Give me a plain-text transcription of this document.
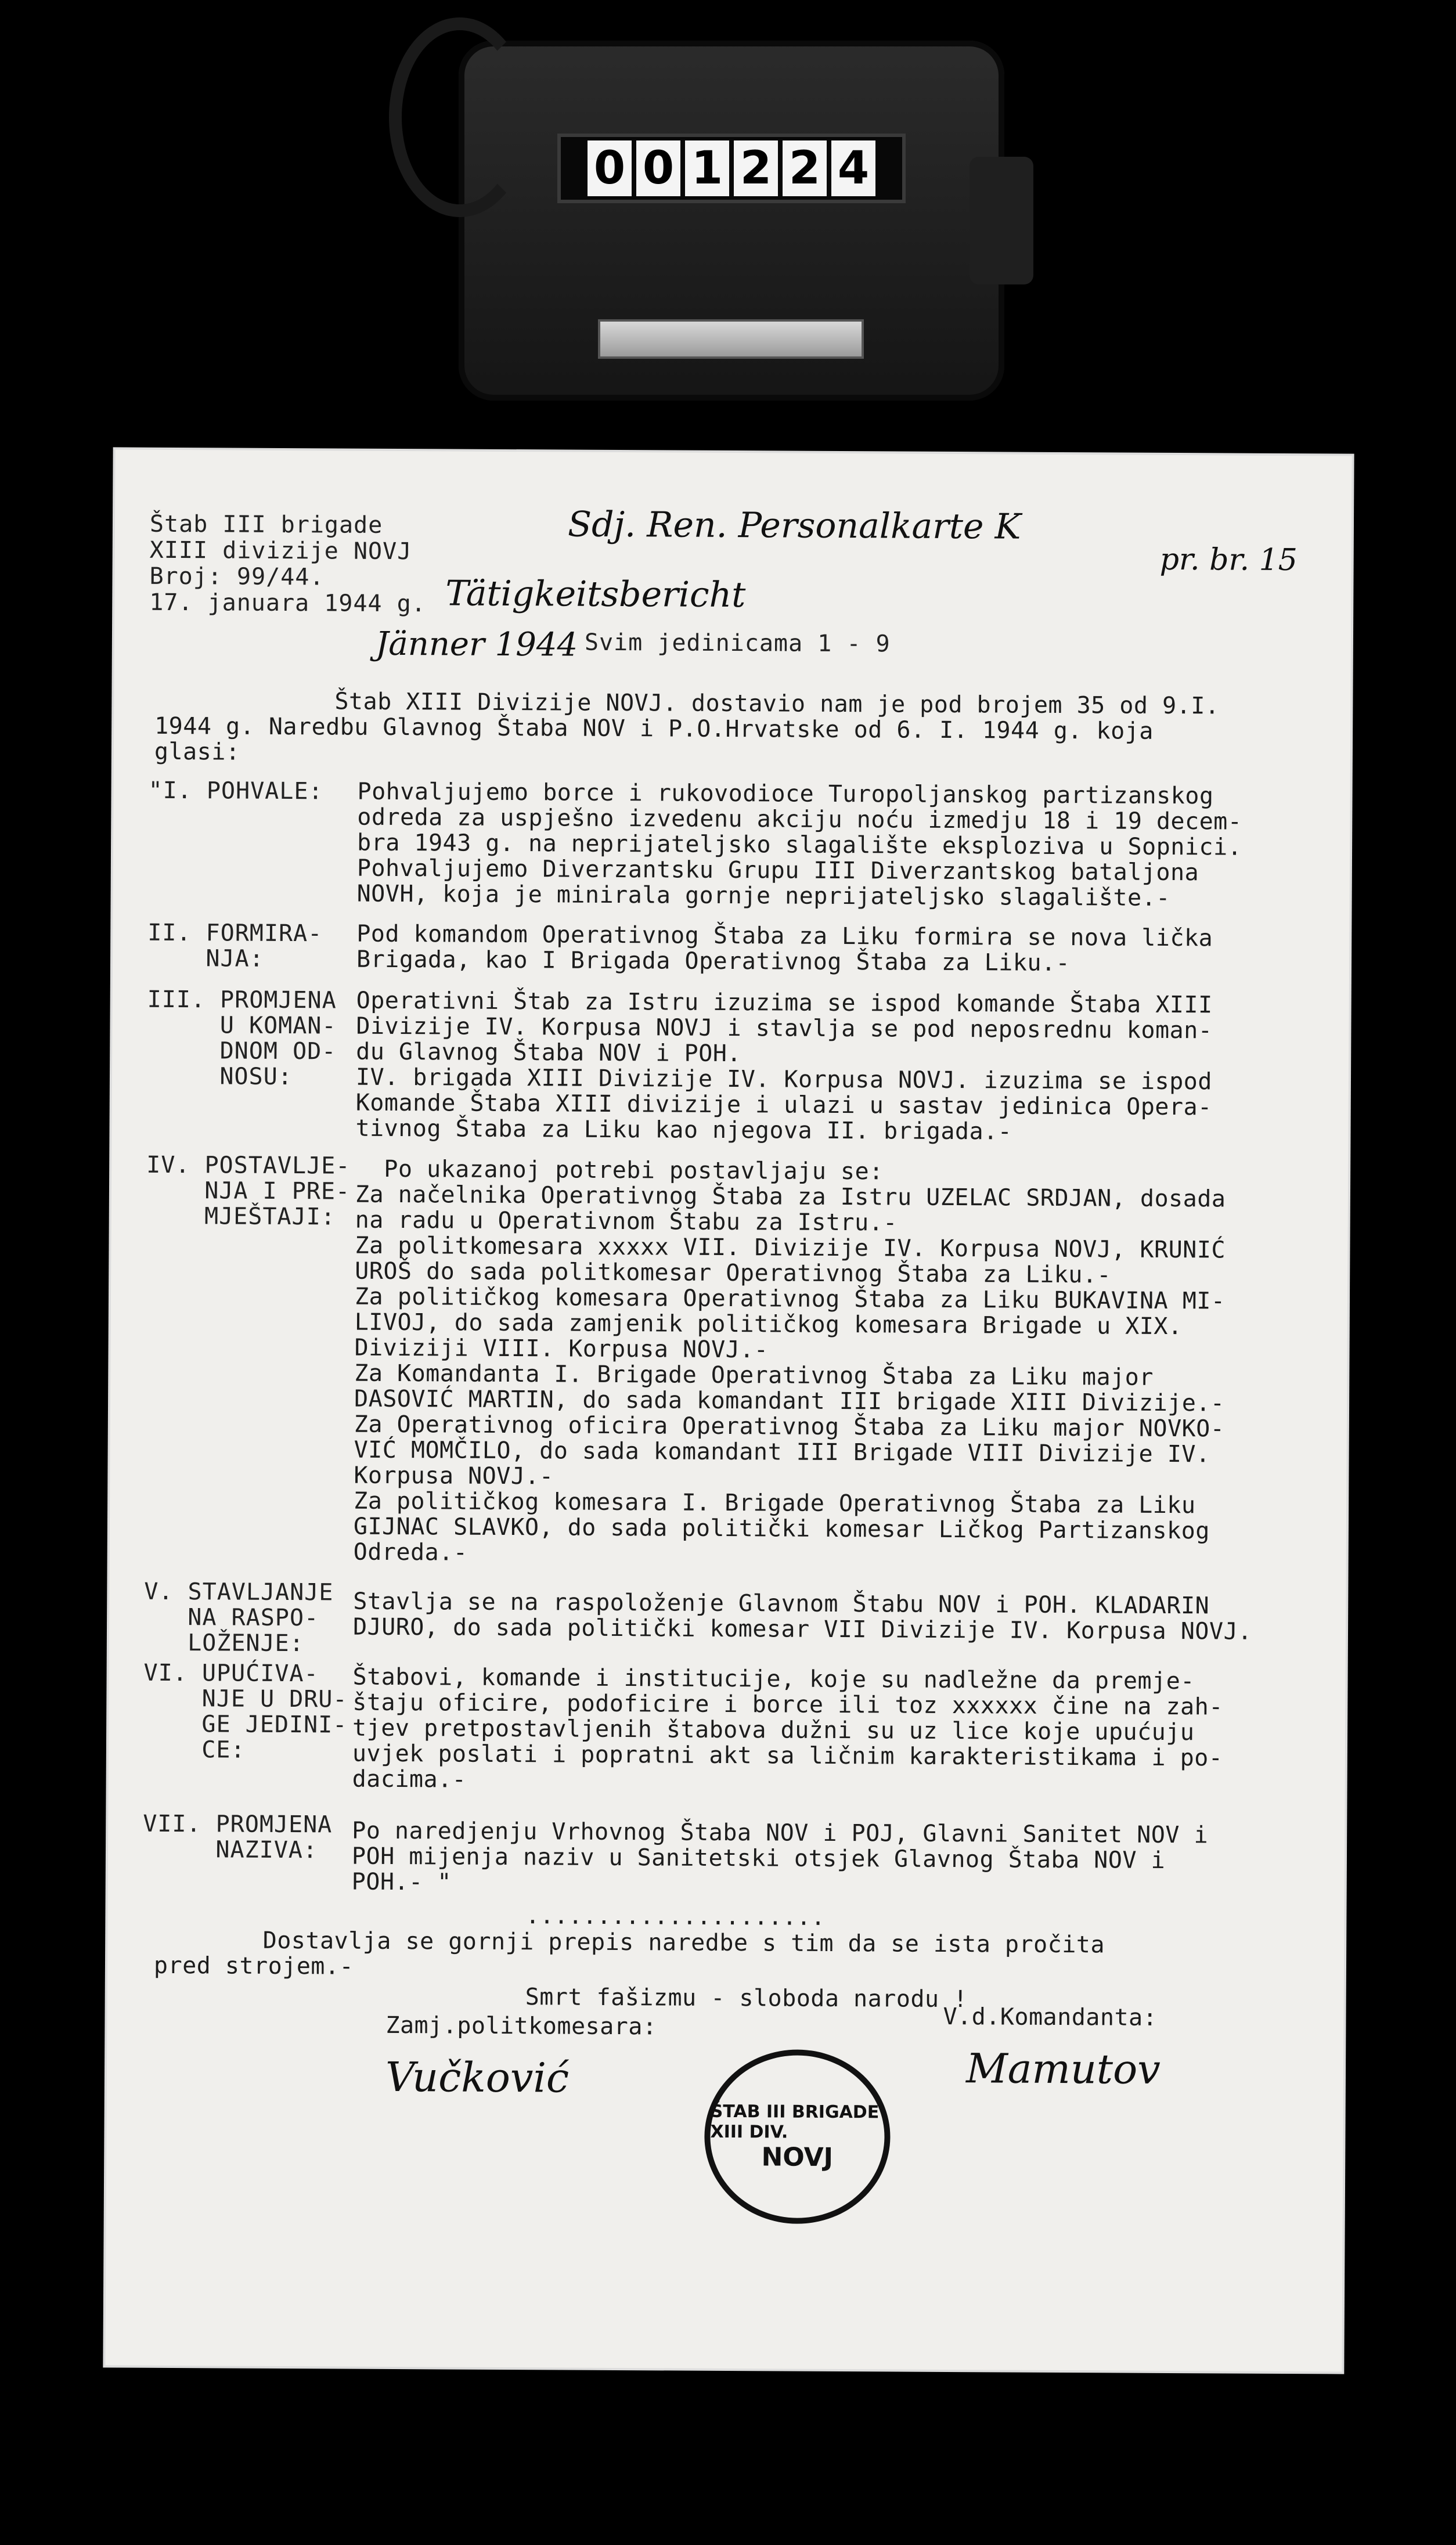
0 0 1 2 2 4
Štab III brigade
XIII divizije NOVJ
Broj: 99/44.
17. januara 1944 g.
Sdj. Ren. Personalkarte K
pr. br. 15
Tätigkeitsbericht
Jänner 1944 Svim jedinicama 1 - 9
Štab XIII Divizije NOVJ. dostavio nam je pod brojem 35 od 9.I.
1944 g. Naredbu Glavnog Štaba NOV i P.O.Hrvatske od 6. I. 1944 g. koja
glasi:
"I. POHVALE: Pohvaljujemo borce i rukovodioce Turopoljanskog partizanskog
odreda za uspješno izvedenu akciju noću izmedju 18 i 19 decem-
bra 1943 g. na neprijateljsko slagalište eksploziva u Sopnici.
Pohvaljujemo Diverzantsku Grupu III Diverzantskog bataljona
NOVH, koja je minirala gornje neprijateljsko slagalište.-
II. FORMIRA-
NJA:
Pod komandom Operativnog Štaba za Liku formira se nova lička
Brigada, kao I Brigada Operativnog Štaba za Liku.-
III. PROMJENA
U KOMAN-
DNOM OD-
NOSU:
Operativni Štab za Istru izuzima se ispod komande Štaba XIII
Divizije IV. Korpusa NOVJ i stavlja se pod neposrednu koman-
du Glavnog Štaba NOV i POH.
IV. brigada XIII Divizije IV. Korpusa NOVJ. izuzima se ispod
Komande Štaba XIII divizije i ulazi u sastav jedinica Opera-
tivnog Štaba za Liku kao njegova II. brigada.-
IV. POSTAVLJE-
NJA I PRE-
MJEŠTAJI:
Po ukazanoj potrebi postavljaju se:
Za načelnika Operativnog Štaba za Istru UZELAC SRDJAN, dosada
na radu u Operativnom Štabu za Istru.-
Za politkomesara xxxxx VII. Divizije IV. Korpusa NOVJ, KRUNIĆ
UROŠ do sada politkomesar Operativnog Štaba za Liku.-
Za političkog komesara Operativnog Štaba za Liku BUKAVINA MI-
LIVOJ, do sada zamjenik političkog komesara Brigade u XIX.
Diviziji VIII. Korpusa NOVJ.-
Za Komandanta I. Brigade Operativnog Štaba za Liku major
DASOVIĆ MARTIN, do sada komandant III brigade XIII Divizije.-
Za Operativnog oficira Operativnog Štaba za Liku major NOVKO-
VIĆ MOMČILO, do sada komandant III Brigade VIII Divizije IV.
Korpusa NOVJ.-
Za političkog komesara I. Brigade Operativnog Štaba za Liku
GIJNAC SLAVKO, do sada politički komesar Ličkog Partizanskog
Odreda.-
V. STAVLJANJE
NA RASPO-
LOŽENJE:
Stavlja se na raspoloženje Glavnom Štabu NOV i POH. KLADARIN
DJURO, do sada politički komesar VII Divizije IV. Korpusa NOVJ.
VI. UPUĆIVA-
NJE U DRU-
GE JEDINI-
CE:
Štabovi, komande i institucije, koje su nadležne da premje-
štaju oficire, podoficire i borce ili toz xxxxxx čine na zah-
tjev pretpostavljenih štabova dužni su uz lice koje upućuju
uvjek poslati i popratni akt sa ličnim karakteristikama i po-
dacima.-
VII. PROMJENA
NAZIVA:
Po naredjenju Vrhovnog Štaba NOV i POJ, Glavni Sanitet NOV i
POH mijenja naziv u Sanitetski otsjek Glavnog Štaba NOV i
POH.- "
.....................
Dostavlja se gornji prepis naredbe s tim da se ista pročita
pred strojem.-
Smrt fašizmu - sloboda narodu !
Zamj.politkomesara:	V.d.Komandanta:
Vučković	Mamutov
ŠTAB III BRIGADE XIII DIV.
NOVJ
